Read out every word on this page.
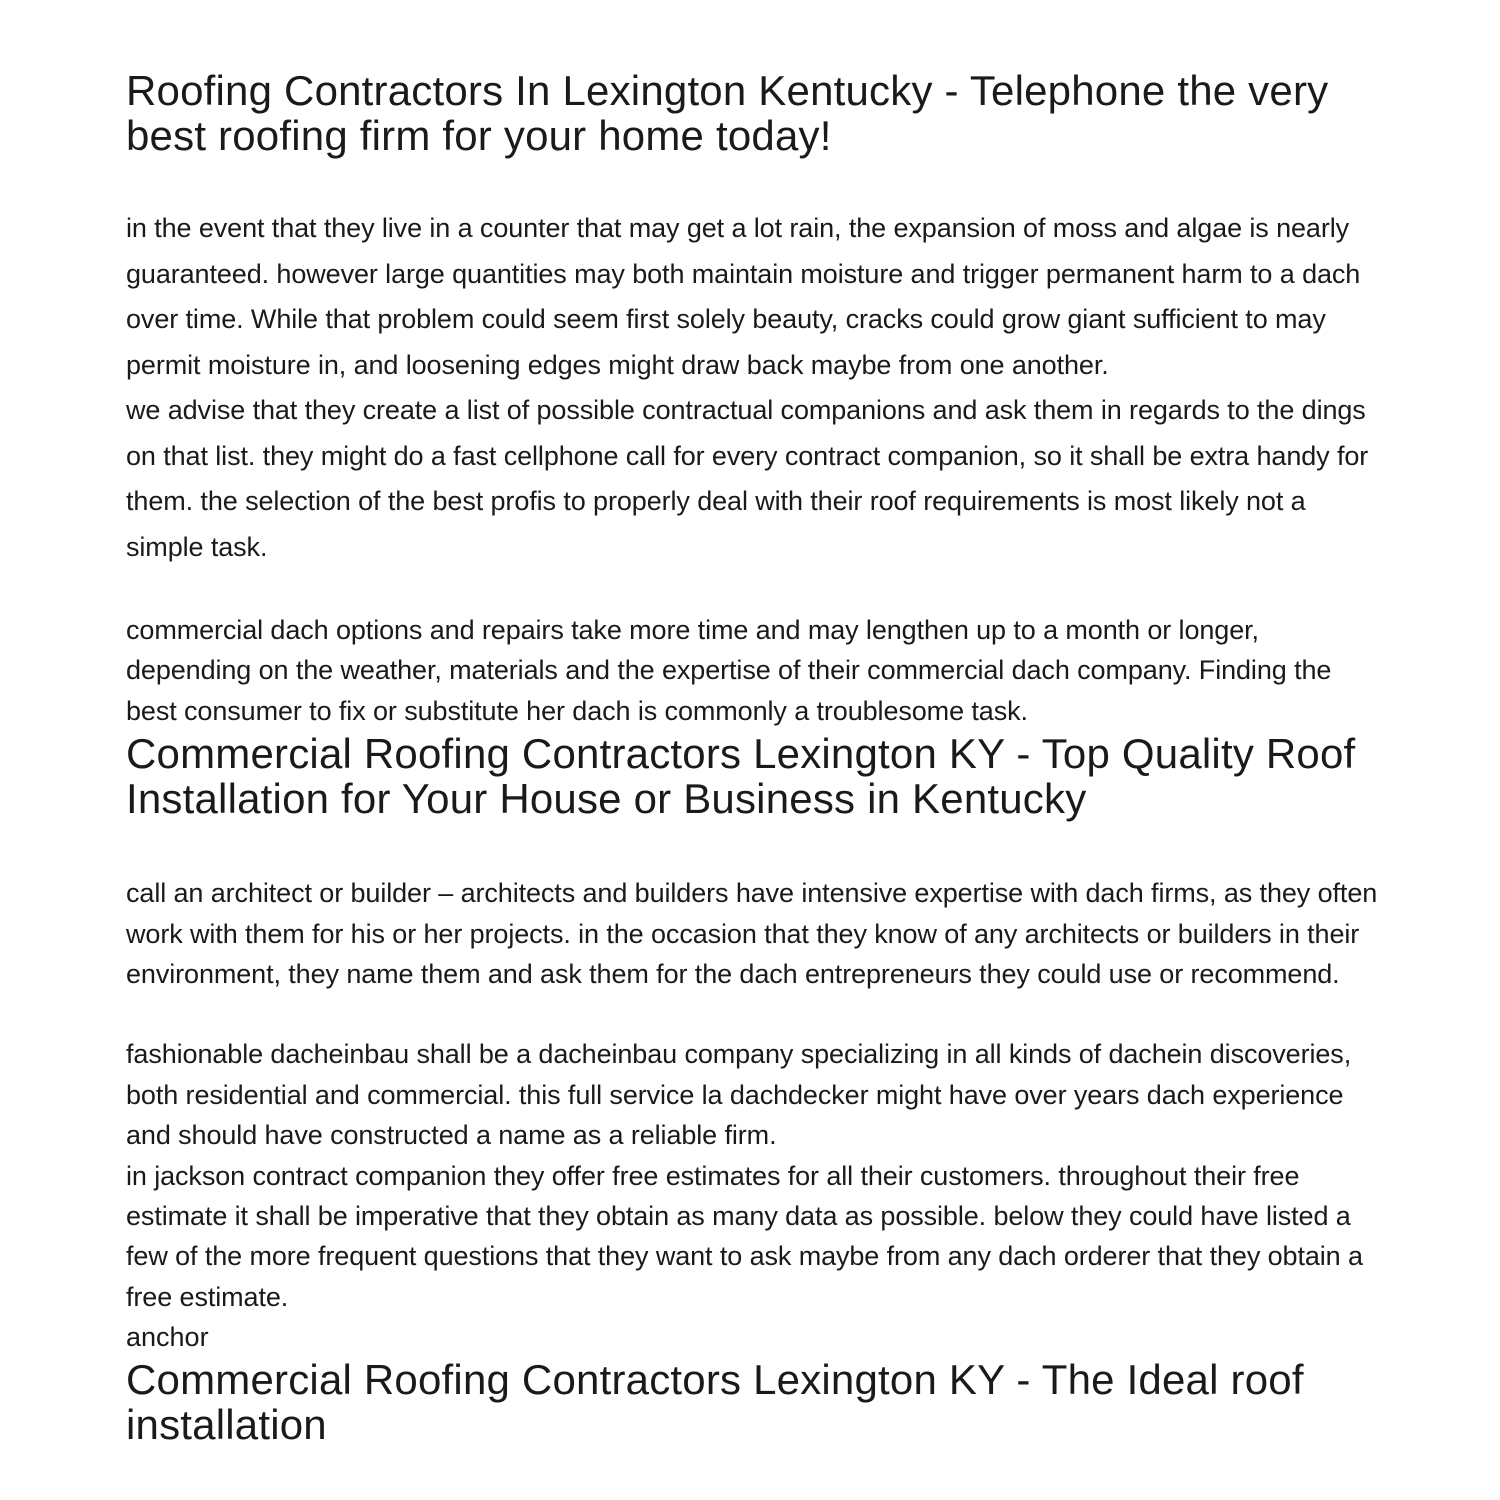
Roofing Contractors In Lexington Kentucky - Telephone the very best roofing firm for your home today!

in the event that they live in a counter that may get a lot rain, the expansion of moss and algae is nearly guaranteed. however large quantities may both maintain moisture and trigger permanent harm to a dach over time. While that problem could seem first solely beauty, cracks could grow giant sufficient to may permit moisture in, and loosening edges might draw back maybe from one another.

we advise that they create a list of possible contractual companions and ask them in regards to the dings on that list. they might do a fast cellphone call for every contract companion, so it shall be extra handy for them. the selection of the best profis to properly deal with their roof requirements is most likely not a simple task.

commercial dach options and repairs take more time and may lengthen up to a month or longer, depending on the weather, materials and the expertise of their commercial dach company. Finding the best consumer to fix or substitute her dach is commonly a troublesome task.

Commercial Roofing Contractors Lexington KY - Top Quality Roof Installation for Your House or Business in Kentucky

call an architect or builder – architects and builders have intensive expertise with dach firms, as they often work with them for his or her projects. in the occasion that they know of any architects or builders in their environment, they name them and ask them for the dach entrepreneurs they could use or recommend.

fashionable dacheinbau shall be a dacheinbau company specializing in all kinds of dachein discoveries, both residential and commercial. this full service la dachdecker might have over years dach experience and should have constructed a name as a reliable firm.

in jackson contract companion they offer free estimates for all their customers. throughout their free estimate it shall be imperative that they obtain as many data as possible. below they could have listed a few of the more frequent questions that they want to ask maybe from any dach orderer that they obtain a free estimate.

anchor

Commercial Roofing Contractors Lexington KY - The Ideal roof installation
